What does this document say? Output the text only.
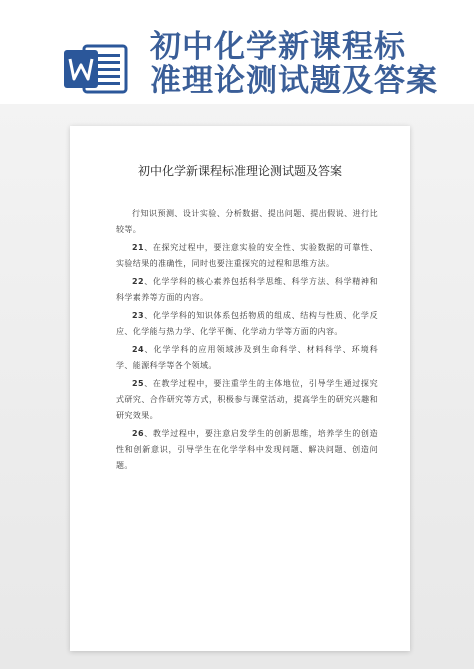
初中化学新课程标
准理论测试题及答案
初中化学新课程标准理论测试题及答案

行知识预测、设计实验、分析数据、提出问题、提出假说、进行比较等。

21、在探究过程中，要注意实验的安全性、实验数据的可靠性、实验结果的准确性，同时也要注重探究的过程和思维方法。

22、化学学科的核心素养包括科学思维、科学方法、科学精神和科学素养等方面的内容。

23、化学学科的知识体系包括物质的组成、结构与性质、化学反应、化学能与热力学、化学平衡、化学动力学等方面的内容。

24、化学学科的应用领域涉及到生命科学、材料科学、环境科学、能源科学等各个领域。

25、在教学过程中，要注重学生的主体地位，引导学生通过探究式研究、合作研究等方式，积极参与课堂活动，提高学生的研究兴趣和研究效果。

26、教学过程中，要注意启发学生的创新思维，培养学生的创造性和创新意识，引导学生在化学学科中发现问题、解决问题、创造问题。
